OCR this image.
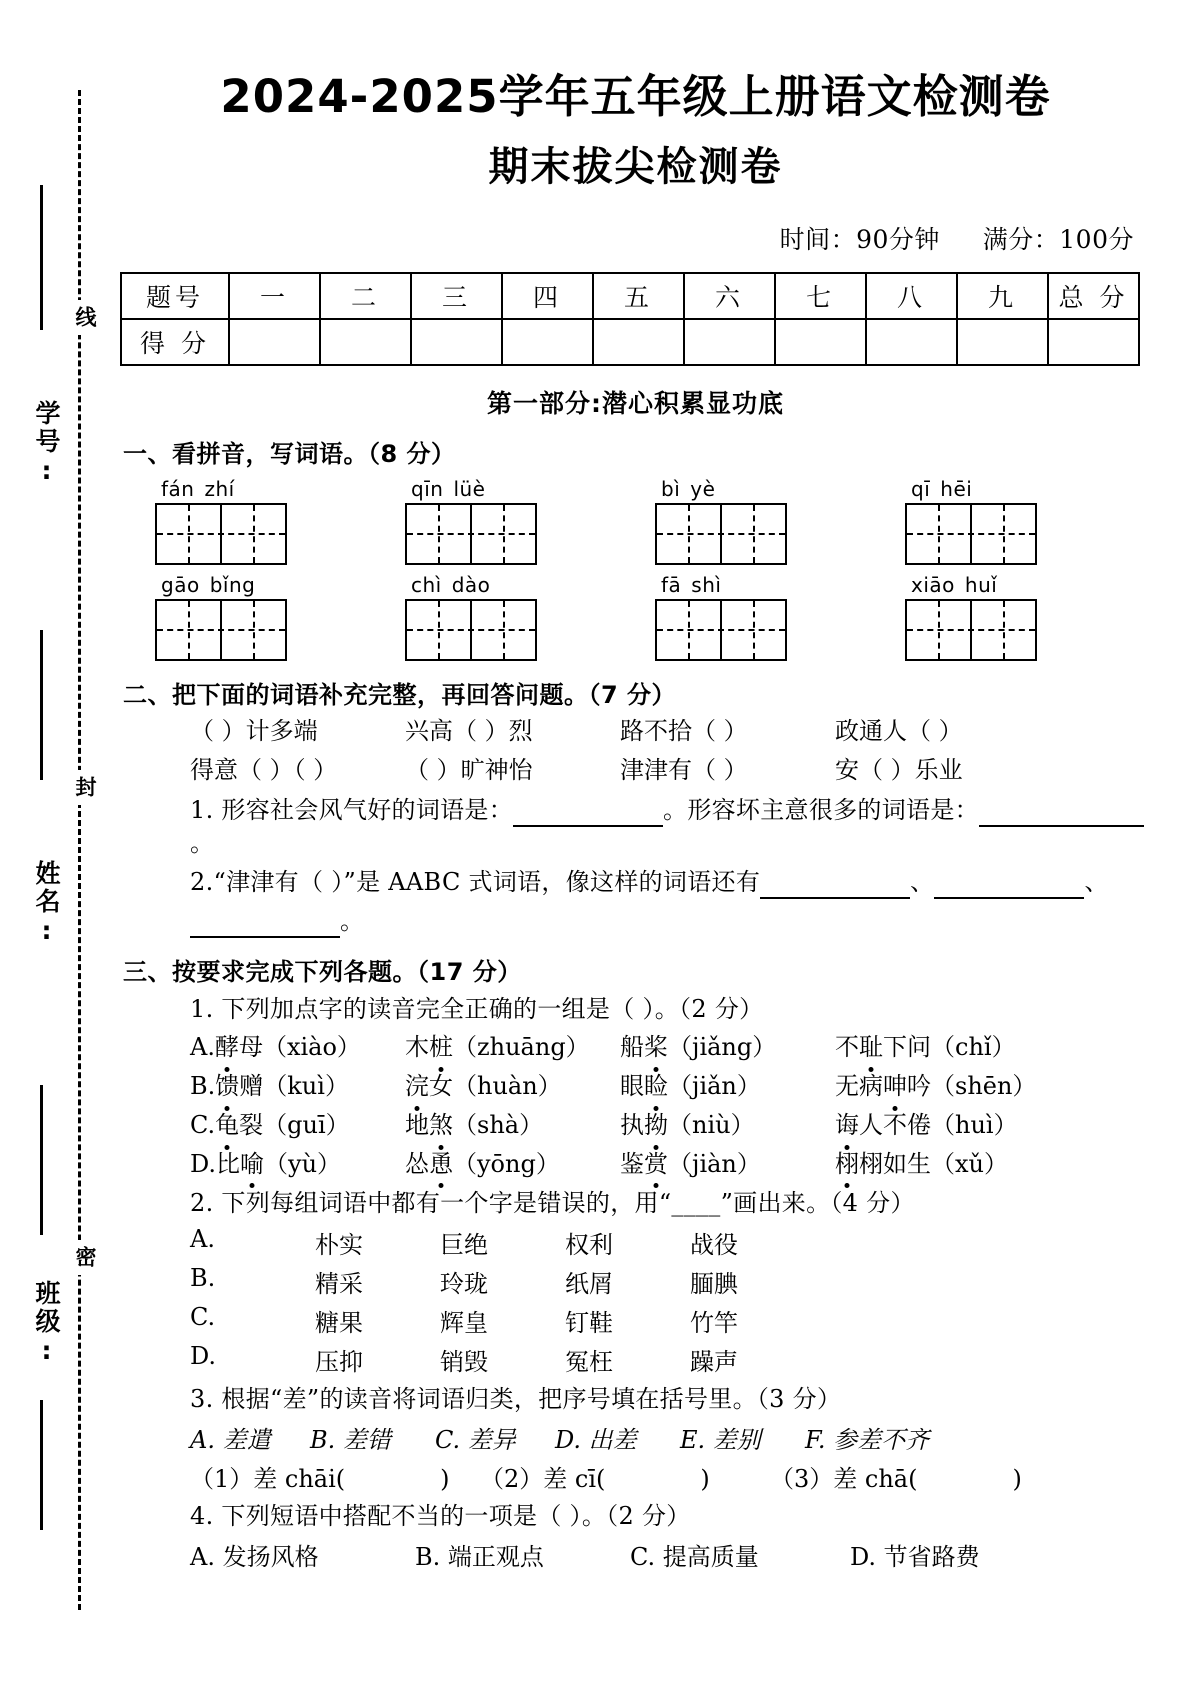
线
封
密
学号:
姓名:
班级:
2024-2025学年五年级上册语文检测卷
期末拔尖检测卷
时间：90分钟 满分：100分
题号	一	二	三	四	五	六	七	八	九	总 分
得 分										
第一部分:潜心积累显功底
一、看拼音，写词语。（8 分）
fán zhí	qīn lüè	bì yè	qī hēi
gāo bǐng	chì dào	fā shì	xiāo huǐ
二、把下面的词语补充完整，再回答问题。（7 分）
（ ）计多端	兴高（ ）烈	路不拾（ ）	政通人（ ）
得意（ ）（ ）	（ ）旷神怡	津津有（ ）	安（ ）乐业
1. 形容社会风气好的词语是：	。形容坏主意很多的词语是：。
2.“津津有（ ）”是 AABC 式词语，像这样的词语还有	、	、
。
三、按要求完成下列各题。（17 分）
1. 下列加点字的读音完全正确的一组是（ ）。（2 分）
A.酵母（xiào）	木桩（zhuāng）	船桨（jiǎng）	不耻下问（chǐ）
B.馈赠（kuì）	浣女（huàn）	眼睑（jiǎn）	无病呻吟（shēn）
C.龟裂（guī）	地煞（shà）	执拗（niù）	诲人不倦（huì）
D.比喻（yù）	怂恿（yōng）	鉴赏（jiàn）	栩栩如生（xǔ）
2. 下列每组词语中都有一个字是错误的，用“____”画出来。（4 分）
A.	朴实	巨绝	权利	战役
B.	精采	玲珑	纸屑	腼腆
C.	糖果	辉皇	钉鞋	竹竿
D.	压抑	销毁	冤枉	躁声
3. 根据“差”的读音将词语归类，把序号填在括号里。（3 分）
A. 差遣	B. 差错	C. 差异	D. 出差	E. 差别	F. 参差不齐
（1）差 chāi(	)	（2）差 cī(	)	（3）差 chā(	)
4. 下列短语中搭配不当的一项是（ ）。（2 分）
A. 发扬风格	B. 端正观点	C. 提高质量	D. 节省路费
